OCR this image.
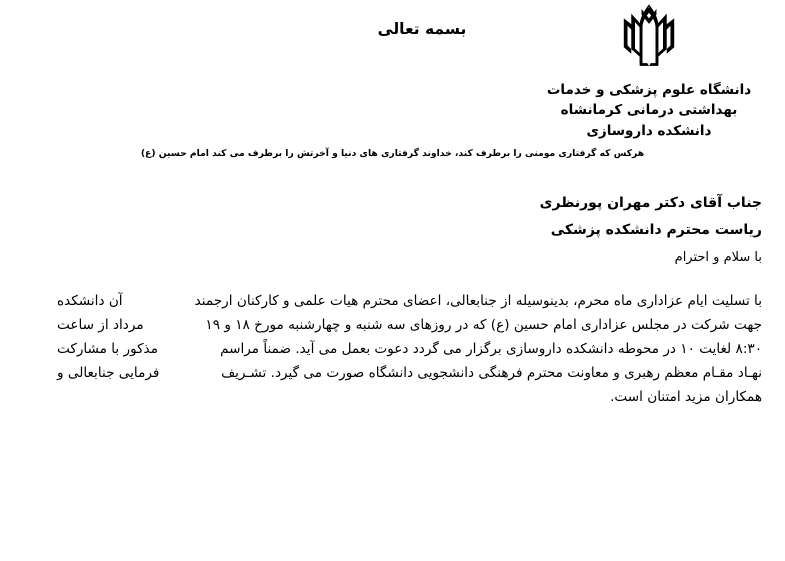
بسمه تعالی
دانشگاه علوم پزشکی و خدمات
بهداشتی درمانی کرمانشاه
دانشکده داروسازی
هرکس که گرفتاری مومنی را برطرف کند، خداوند گرفتاری های دنیا و آخرتش را برطرف می کند امام حسین (ع)
جناب آقای دکتر مهران پورنظری
ریاست محترم دانشکده پزشکی
با سلام و احترام
با تسلیت ایام عزاداری ماه محرم، بدینوسیله از جنابعالی، اعضای محترم هیات علمی و کارکنان ارجمند
آن دانشکده
جهت شرکت در مجلس عزاداری امام حسین (ع) که در روزهای سه شنبه و چهارشنبه مورخ ۱۸ و ۱۹
مرداد از ساعت
۸:۳۰ لغایت ۱۰ در محوطه دانشکده داروسازی برگزار می گردد دعوت بعمل می آید. ضمناً مراسم
مذکور با مشارکت
نهـاد مقـام معظم رهبری و معاونت محترم فرهنگی دانشجویی دانشگاه صورت می گیرد. تشـریف
فرمایی جنابعالی و
همکاران مزید امتنان است.
